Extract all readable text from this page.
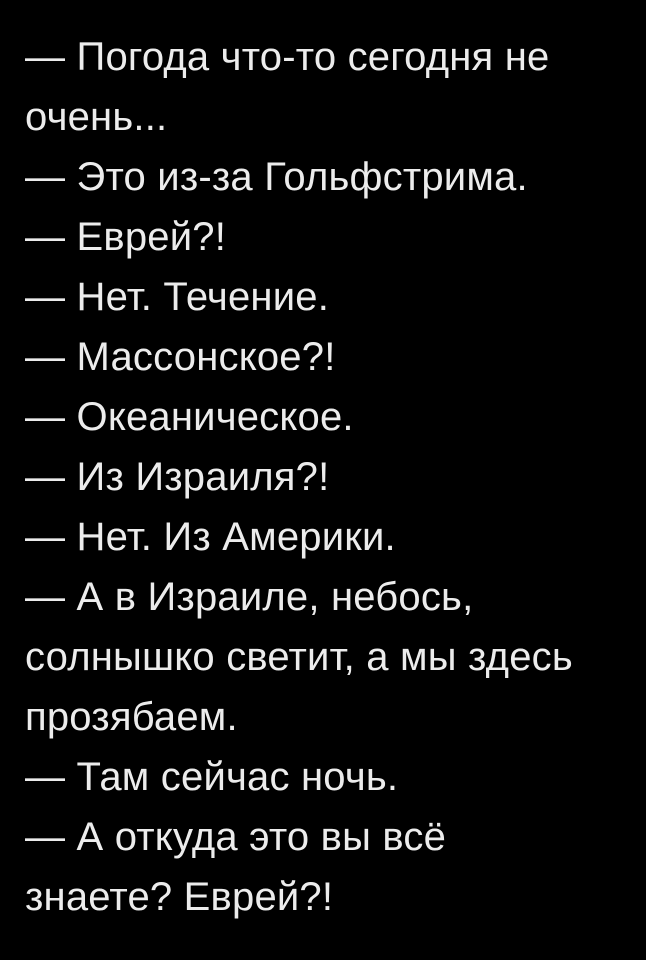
— Погода что-то сегодня не
очень...
— Это из-за Гольфстрима.
— Еврей?!
— Нет. Течение.
— Массонское?!
— Океаническое.
— Из Израиля?!
— Нет. Из Америки.
— А в Израиле, небось,
солнышко светит, а мы здесь
прозябаем.
— Там сейчас ночь.
— А откуда это вы всё
знаете? Еврей?!
